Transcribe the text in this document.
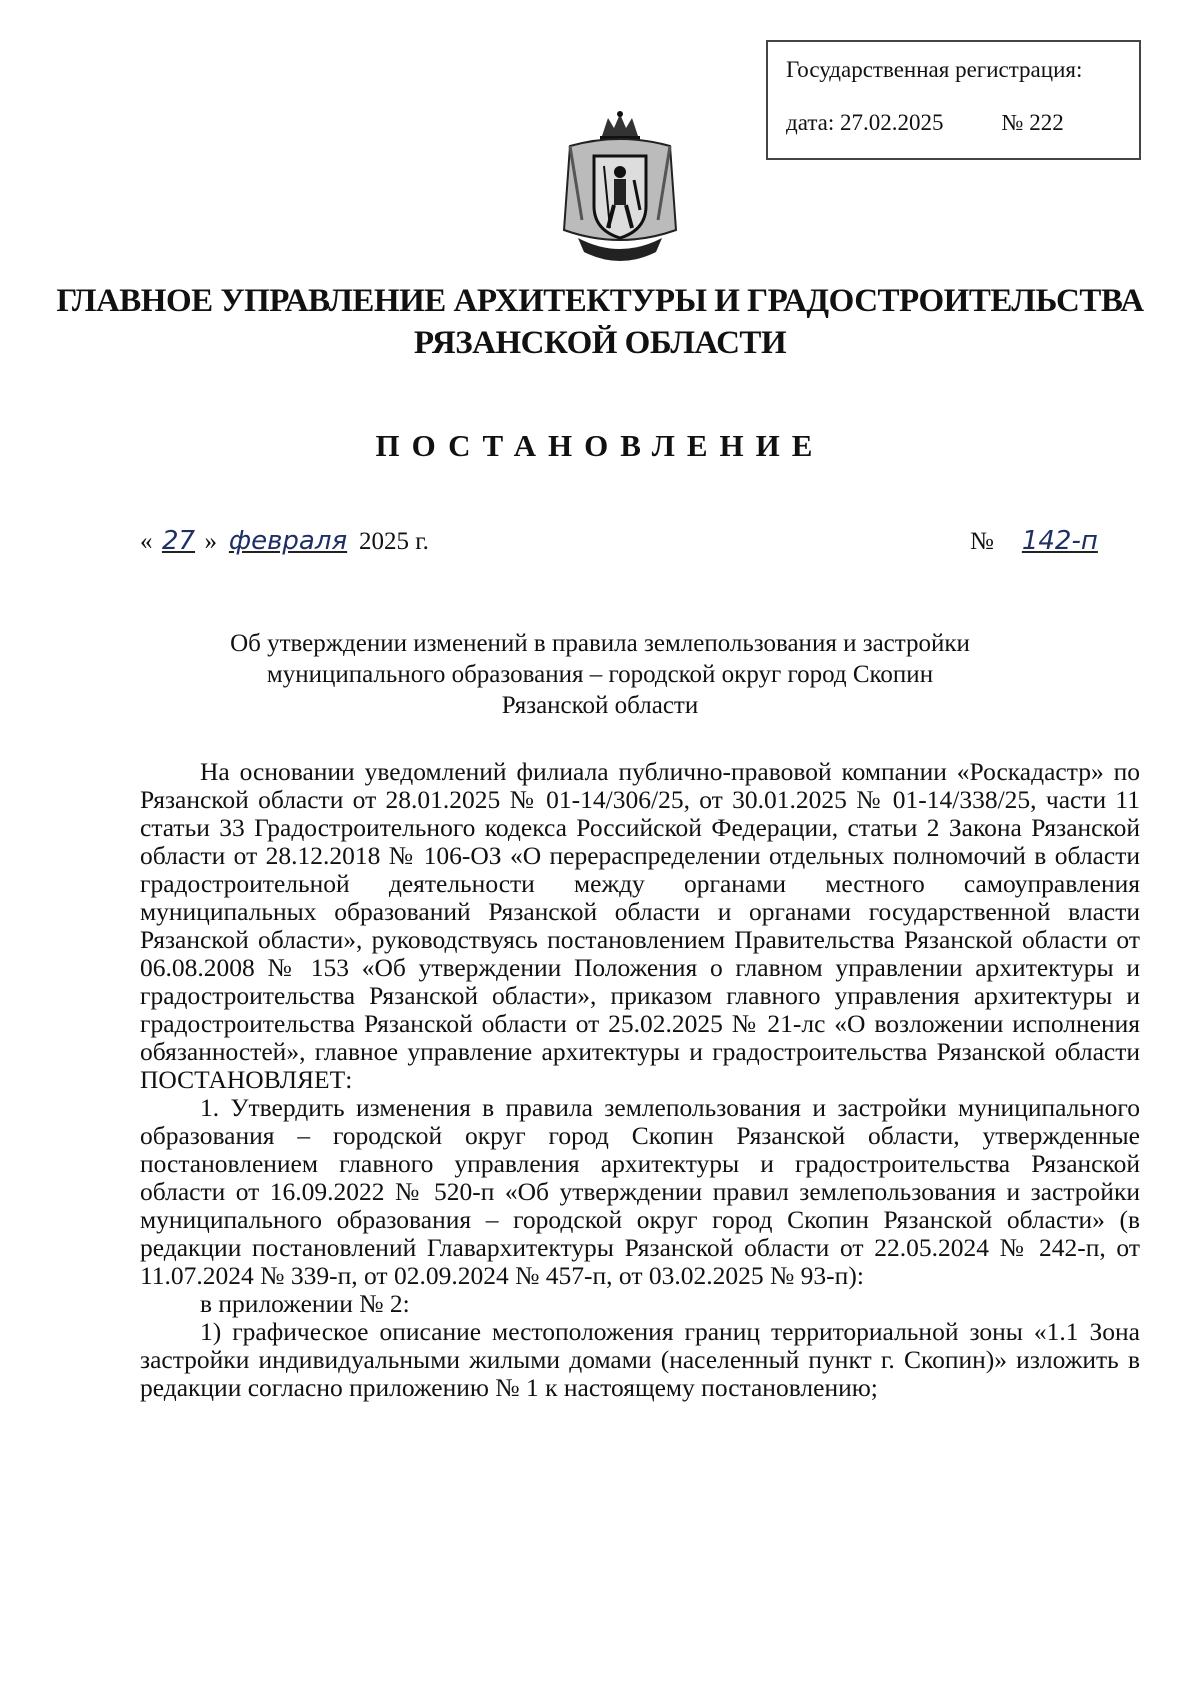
Государственная регистрация:
дата: 27.02.2025	№ 222
ГЛАВНОЕ УПРАВЛЕНИЕ АРХИТЕКТУРЫ И ГРАДОСТРОИТЕЛЬСТВА
РЯЗАНСКОЙ ОБЛАСТИ
ПОСТАНОВЛЕНИЕ
« 27 » февраля 2025 г.	№	142-п
Об утверждении изменений в правила землепользования и застройки
муниципального образования – городской округ город Скопин
Рязанской области

На основании уведомлений филиала публично-правовой компании «Роскадастр» по Рязанской области от 28.01.2025 № 01-14/306/25, от 30.01.2025 № 01-14/338/25, части 11 статьи 33 Градостроительного кодекса Российской Федерации, статьи 2 Закона Рязанской области от 28.12.2018 № 106-ОЗ «О перераспределении отдельных полномочий в области градостроительной деятельности между органами местного самоуправления муниципальных образований Рязанской области и органами государственной власти Рязанской области», руководствуясь постановлением Правительства Рязанской области от 06.08.2008 № 153 «Об утверждении Положения о главном управлении архитектуры и градостроительства Рязанской области», приказом главного управления архитектуры и градостроительства Рязанской области от 25.02.2025 № 21-лс «О возложении исполнения обязанностей», главное управление архитектуры и градостроительства Рязанской области ПОСТАНОВЛЯЕТ:

1. Утвердить изменения в правила землепользования и застройки муниципального образования – городской округ город Скопин Рязанской области, утвержденные постановлением главного управления архитектуры и градостроительства Рязанской области от 16.09.2022 № 520-п «Об утверждении правил землепользования и застройки муниципального образования – городской округ город Скопин Рязанской области» (в редакции постановлений Главархитектуры Рязанской области от 22.05.2024 № 242-п, от 11.07.2024 № 339-п, от 02.09.2024 № 457-п, от 03.02.2025 № 93-п):

в приложении № 2:

1) графическое описание местоположения границ территориальной зоны «1.1 Зона застройки индивидуальными жилыми домами (населенный пункт г. Скопин)» изложить в редакции согласно приложению № 1 к настоящему постановлению;
